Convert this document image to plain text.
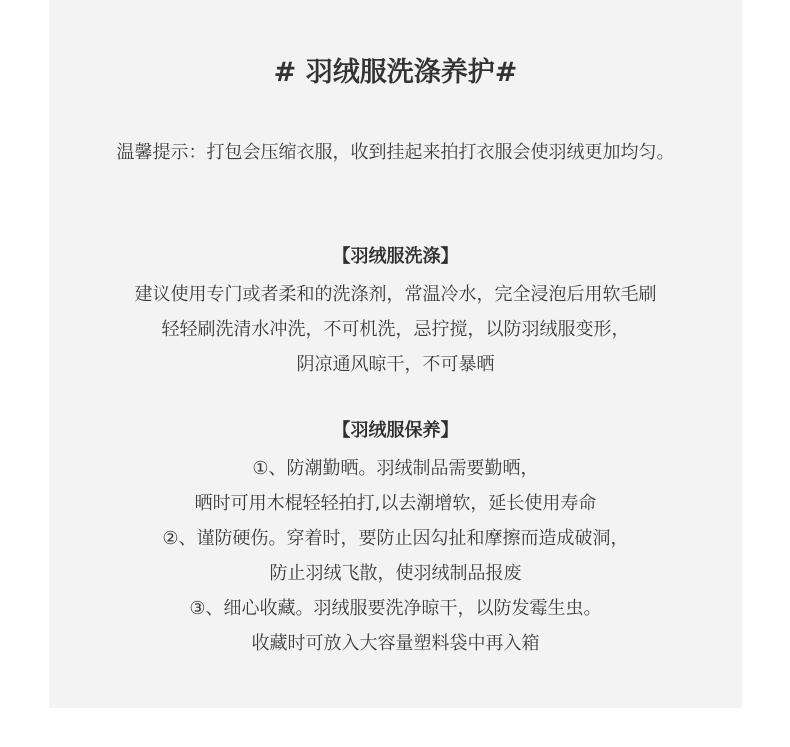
# 羽绒服洗涤养护#
温馨提示：打包会压缩衣服，收到挂起来拍打衣服会使羽绒更加均匀。
【羽绒服洗涤】
建议使用专门或者柔和的洗涤剂，常温冷水，完全浸泡后用软毛刷
轻轻刷洗清水冲洗，不可机洗，忌拧搅，以防羽绒服变形，
阴凉通风晾干，不可暴晒
【羽绒服保养】
①、防潮勤晒。羽绒制品需要勤晒，
晒时可用木棍轻轻拍打,以去潮增软，延长使用寿命
②、谨防硬伤。穿着时，要防止因勾扯和摩擦而造成破洞，
防止羽绒飞散，使羽绒制品报废
③、细心收藏。羽绒服要洗净晾干，以防发霉生虫。
收藏时可放入大容量塑料袋中再入箱
